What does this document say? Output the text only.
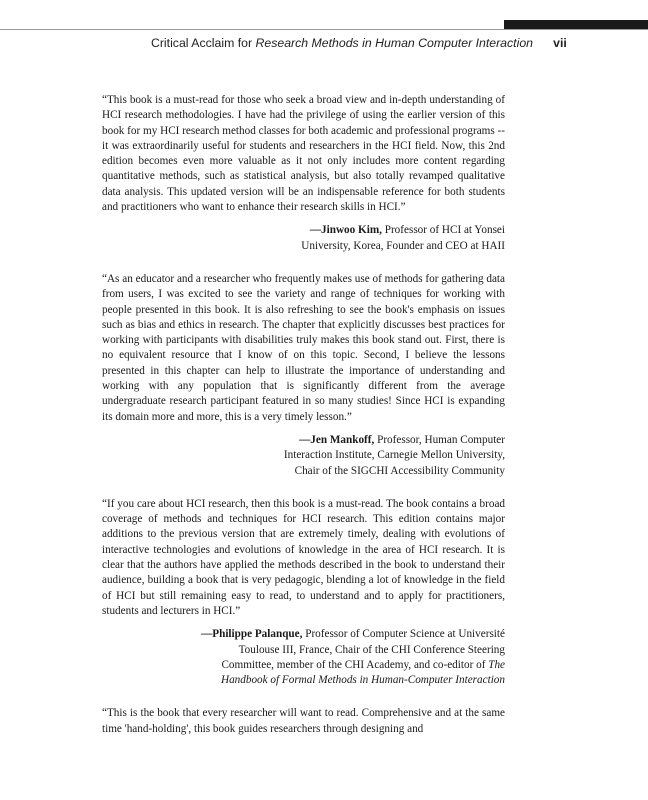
Critical Acclaim for Research Methods in Human Computer Interaction	vii

“This book is a must-read for those who seek a broad view and in-depth understanding of HCI research methodologies. I have had the privilege of using the earlier version of this book for my HCI research method classes for both academic and professional programs -- it was extraordinarily useful for students and researchers in the HCI field. Now, this 2nd edition becomes even more valuable as it not only includes more content regarding quantitative methods, such as statistical analysis, but also totally revamped qualitative data analysis. This updated version will be an indispensable reference for both students and practitioners who want to enhance their research skills in HCI.”

—Jinwoo Kim, Professor of HCI at Yonsei
University, Korea, Founder and CEO at HAII

“As an educator and a researcher who frequently makes use of methods for gathering data from users, I was excited to see the variety and range of techniques for working with people presented in this book. It is also refreshing to see the book's emphasis on issues such as bias and ethics in research. The chapter that explicitly discusses best practices for working with participants with disabilities truly makes this book stand out. First, there is no equivalent resource that I know of on this topic. Second, I believe the lessons presented in this chapter can help to illustrate the importance of understanding and working with any population that is significantly different from the average undergraduate research participant featured in so many studies! Since HCI is expanding its domain more and more, this is a very timely lesson.”

—Jen Mankoff, Professor, Human Computer
Interaction Institute, Carnegie Mellon University,
Chair of the SIGCHI Accessibility Community

“If you care about HCI research, then this book is a must-read. The book contains a broad coverage of methods and techniques for HCI research. This edition contains major additions to the previous version that are extremely timely, dealing with evolutions of interactive technologies and evolutions of knowledge in the area of HCI research. It is clear that the authors have applied the methods described in the book to understand their audience, building a book that is very pedagogic, blending a lot of knowledge in the field of HCI but still remaining easy to read, to understand and to apply for practitioners, students and lecturers in HCI.”

—Philippe Palanque, Professor of Computer Science at Université
Toulouse III, France, Chair of the CHI Conference Steering
Committee, member of the CHI Academy, and co-editor of The
Handbook of Formal Methods in Human-Computer Interaction

“This is the book that every researcher will want to read. Comprehensive and at the same time 'hand-holding', this book guides researchers through designing and
